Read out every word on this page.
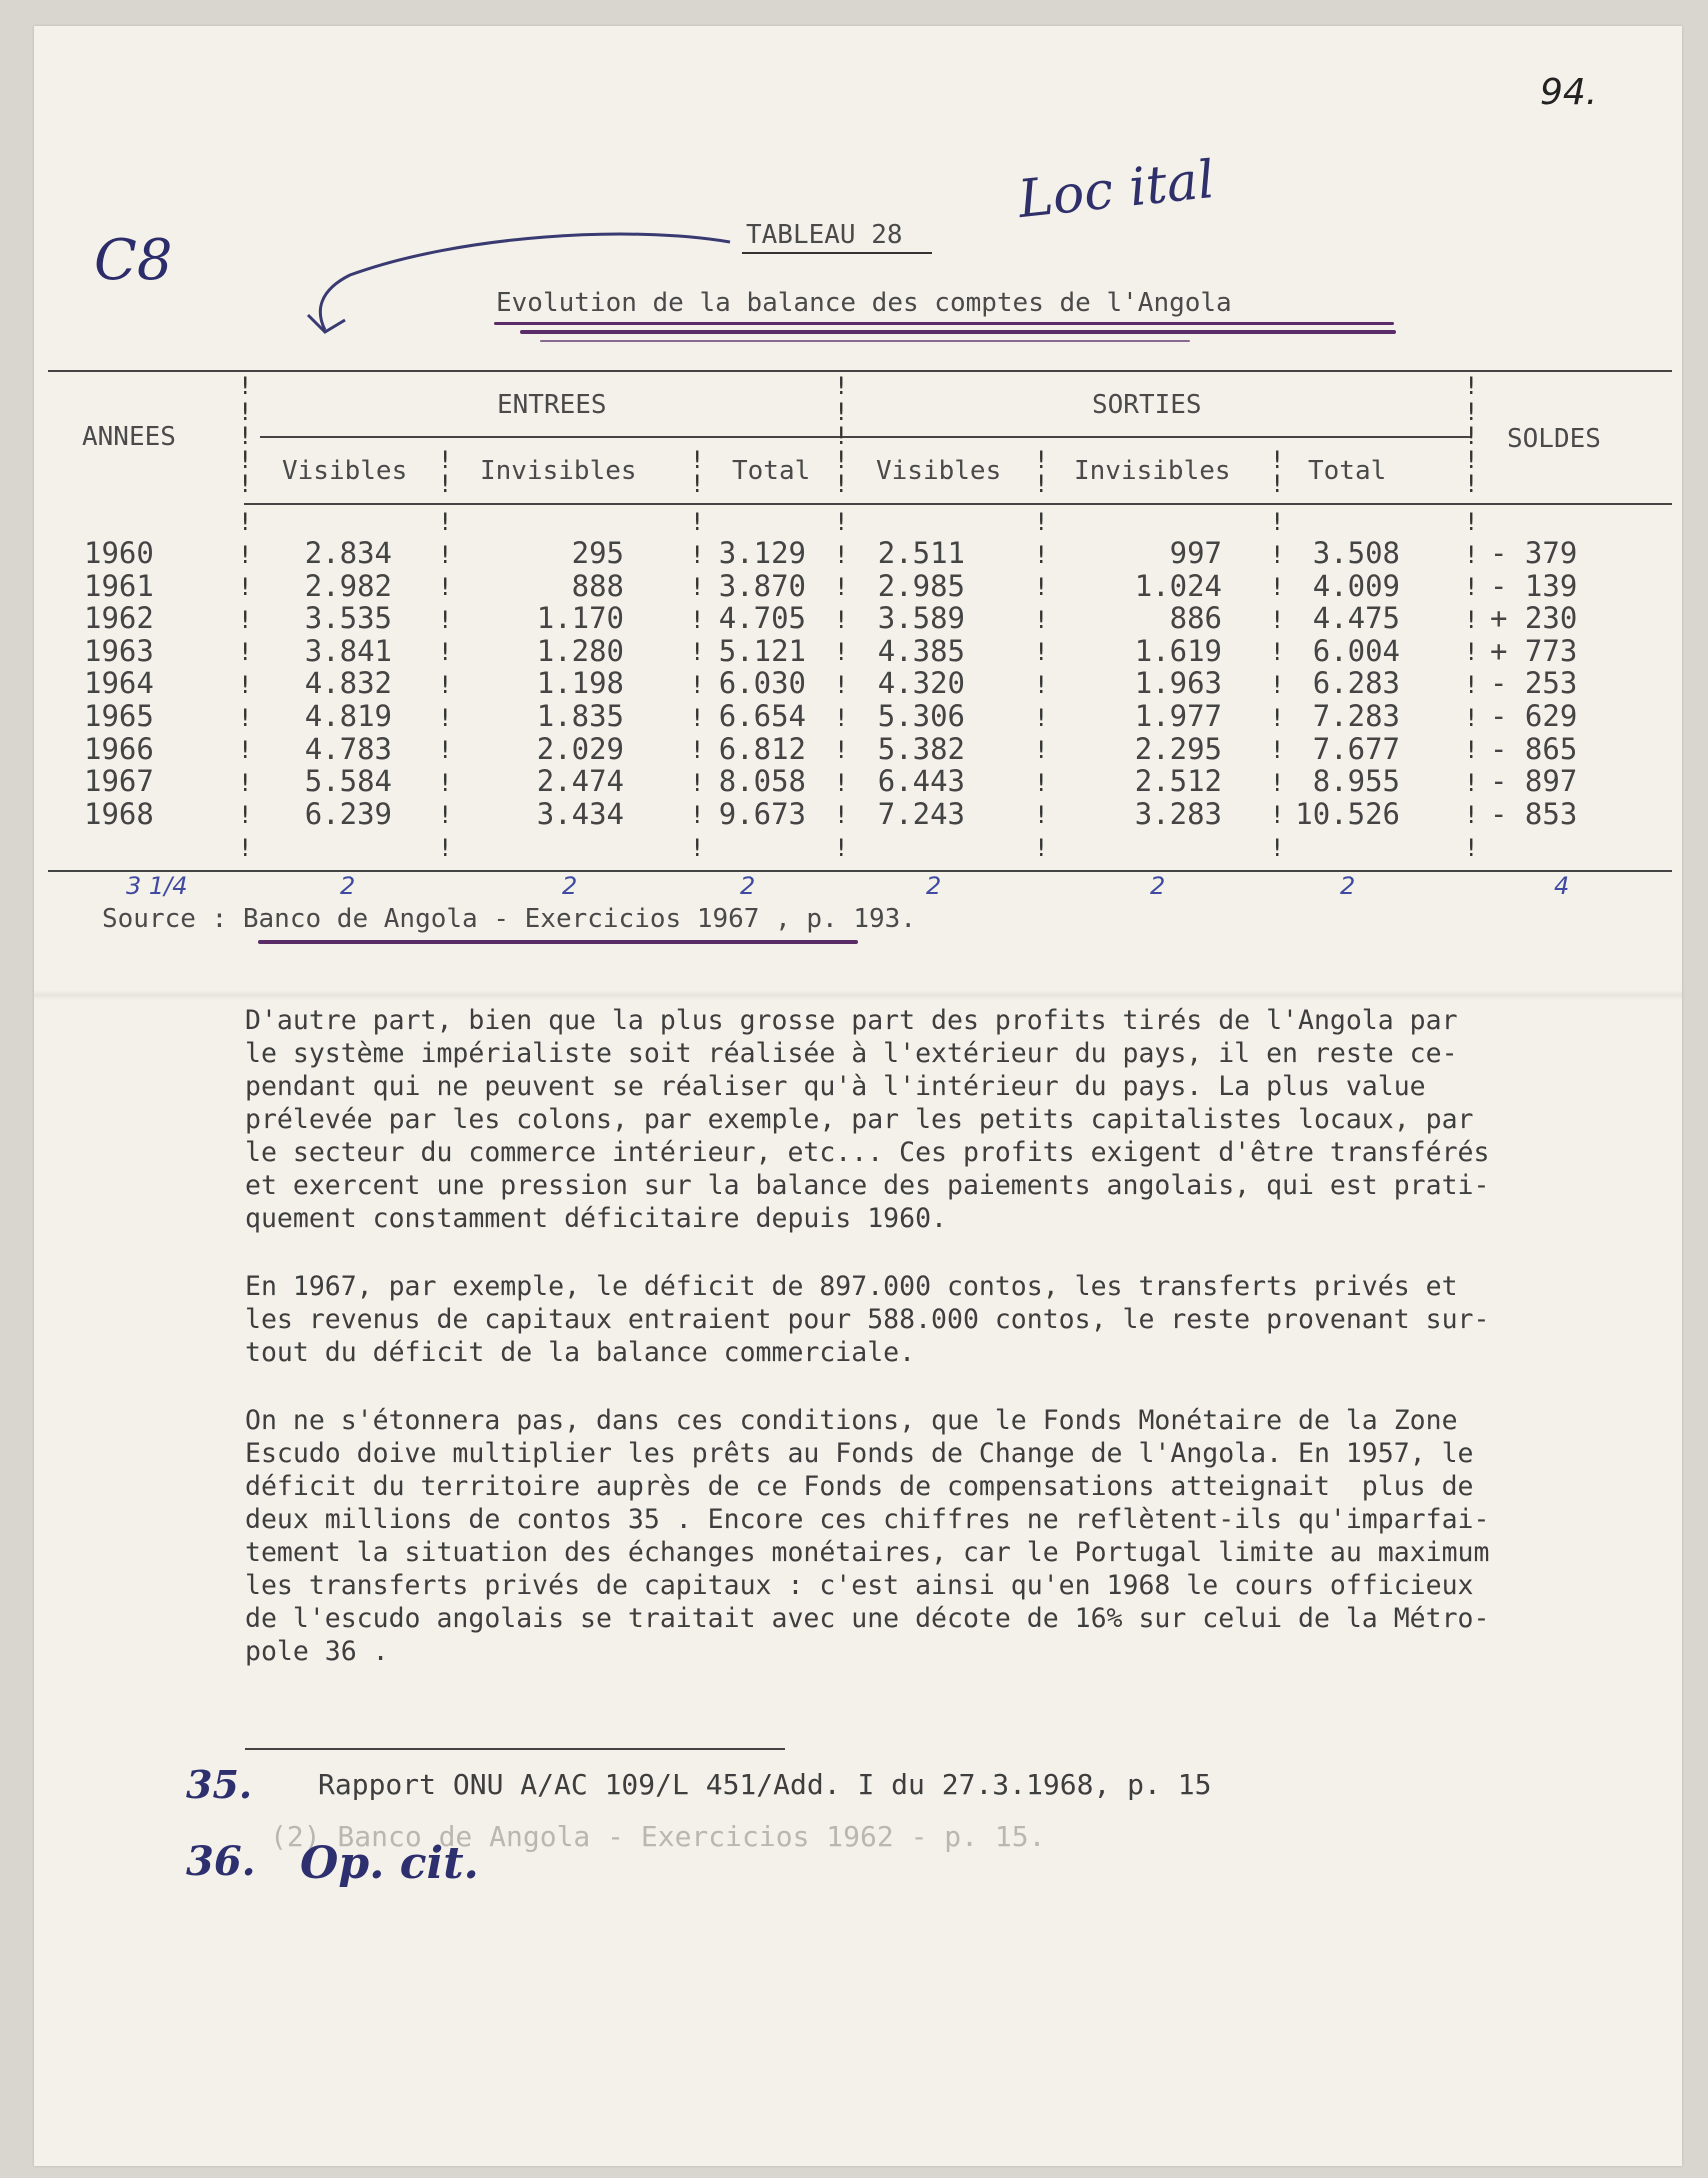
94.
C8
Loc ital
TABLEAU 28
Evolution de la balance des comptes de l'Angola
ANNEES
ENTREES	SORTIES
SOLDES
Visibles	Invisibles	Total	Visibles	Invisibles	Total
!	!	!
!	!	!
!	!	!
!	!	!
!	!	!
!	!	!	!
!	!	!	!
!	!	!	!	!	!	!
!	!	!	!	!	!	!
!	!	!	!	!	!	!
!	!	!	!	!	!	!
!	!	!	!	!	!	!
!	!	!	!	!	!	!
!	!	!	!	!	!	!
!	!	!	!	!	!	!
!	!	!	!	!	!	!
!	!	!	!	!	!	!
!	!	!	!	!	!	!
1960	2.834	295	3.129	2.511	997	3.508	- 379
1961	2.982	888	3.870	2.985	1.024	4.009	- 139
1962	3.535	1.170	4.705	3.589	886	4.475	+ 230
1963	3.841	1.280	5.121	4.385	1.619	6.004	+ 773
1964	4.832	1.198	6.030	4.320	1.963	6.283	- 253
1965	4.819	1.835	6.654	5.306	1.977	7.283	- 629
1966	4.783	2.029	6.812	5.382	2.295	7.677	- 865
1967	5.584	2.474	8.058	6.443	2.512	8.955	- 897
1968	6.239	3.434	9.673	7.243	3.283	10.526	- 853
3 1/4	2	2	2	2	2	2	4
Source : Banco de Angola - Exercicios 1967 , p. 193.
D'autre part, bien que la plus grosse part des profits tirés de l'Angola par
le système impérialiste soit réalisée à l'extérieur du pays, il en reste ce-
pendant qui ne peuvent se réaliser qu'à l'intérieur du pays. La plus value
prélevée par les colons, par exemple, par les petits capitalistes locaux, par
le secteur du commerce intérieur, etc... Ces profits exigent d'être transférés
et exercent une pression sur la balance des paiements angolais, qui est prati-
quement constamment déficitaire depuis 1960.
En 1967, par exemple, le déficit de 897.000 contos, les transferts privés et
les revenus de capitaux entraient pour 588.000 contos, le reste provenant sur-
tout du déficit de la balance commerciale.
On ne s'étonnera pas, dans ces conditions, que le Fonds Monétaire de la Zone
Escudo doive multiplier les prêts au Fonds de Change de l'Angola. En 1957, le
déficit du territoire auprès de ce Fonds de compensations atteignait  plus de
deux millions de contos 35 . Encore ces chiffres ne reflètent-ils qu'imparfai-
tement la situation des échanges monétaires, car le Portugal limite au maximum
les transferts privés de capitaux : c'est ainsi qu'en 1968 le cours officieux
de l'escudo angolais se traitait avec une décote de 16% sur celui de la Métro-
pole 36 .
35. Rapport ONU A/AC 109/L 451/Add. I du 27.3.1968, p. 15
(2) Banco de Angola - Exercicios 1962 - p. 15.
36. Op. cit.
